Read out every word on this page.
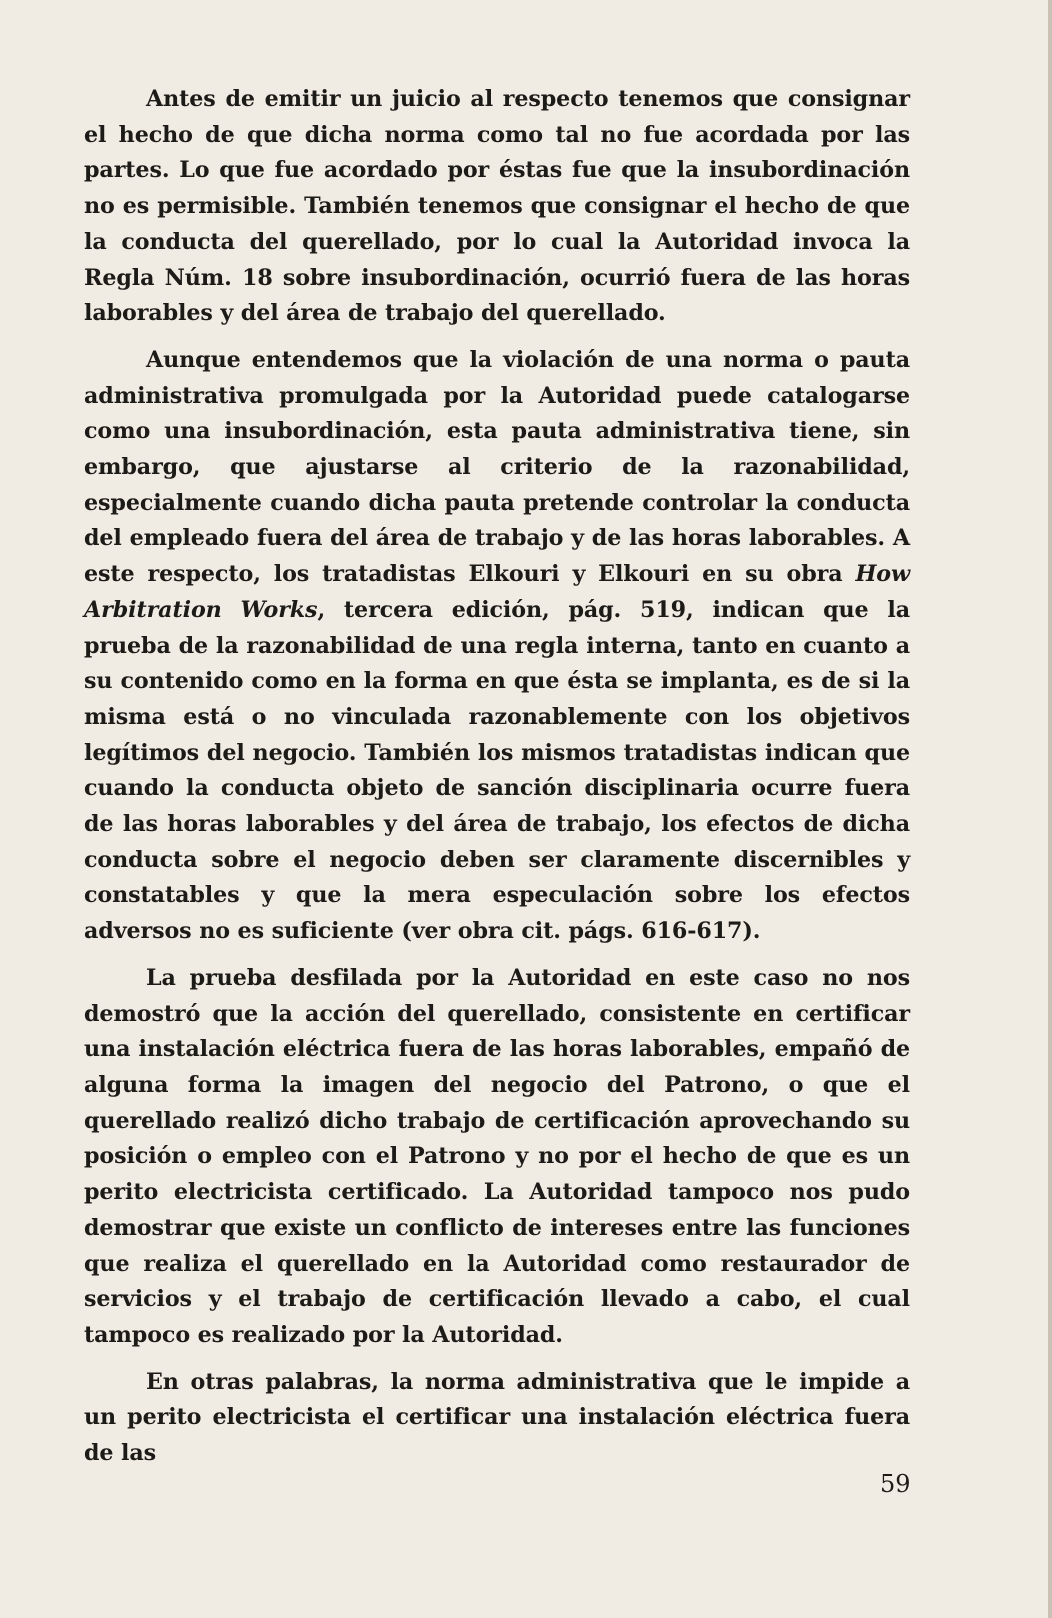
Antes de emitir un juicio al respecto tenemos que consignar el hecho de que dicha norma como tal no fue acordada por las partes. Lo que fue acordado por éstas fue que la insubordinación no es permisible. También tenemos que consignar el hecho de que la conducta del querellado, por lo cual la Autoridad invoca la Regla Núm. 18 sobre insubordinación, ocurrió fuera de las horas laborables y del área de trabajo del querellado.

Aunque entendemos que la violación de una norma o pauta administrativa promulgada por la Autoridad puede catalogarse como una insubordinación, esta pauta administrativa tiene, sin embargo, que ajustarse al criterio de la razonabilidad, especialmente cuando dicha pauta pretende controlar la conducta del empleado fuera del área de trabajo y de las horas laborables. A este respecto, los tratadistas Elkouri y Elkouri en su obra How Arbitration Works, tercera edición, pág. 519, indican que la prueba de la razonabilidad de una regla interna, tanto en cuanto a su contenido como en la forma en que ésta se implanta, es de si la misma está o no vinculada razonablemente con los objetivos legítimos del negocio. También los mismos tratadistas indican que cuando la conducta objeto de sanción disciplinaria ocurre fuera de las horas laborables y del área de trabajo, los efectos de dicha conducta sobre el negocio deben ser claramente discernibles y constatables y que la mera especulación sobre los efectos adversos no es suficiente (ver obra cit. págs. 616-617).

La prueba desfilada por la Autoridad en este caso no nos demostró que la acción del querellado, consistente en certificar una instalación eléctrica fuera de las horas laborables, empañó de alguna forma la imagen del negocio del Patrono, o que el querellado realizó dicho trabajo de certificación aprovechando su posición o empleo con el Patrono y no por el hecho de que es un perito electricista certificado. La Autoridad tampoco nos pudo demostrar que existe un conflicto de intereses entre las funciones que realiza el querellado en la Autoridad como restaurador de servicios y el trabajo de certificación llevado a cabo, el cual tampoco es realizado por la Autoridad.

En otras palabras, la norma administrativa que le impide a un perito electricista el certificar una instalación eléctrica fuera de las

59
